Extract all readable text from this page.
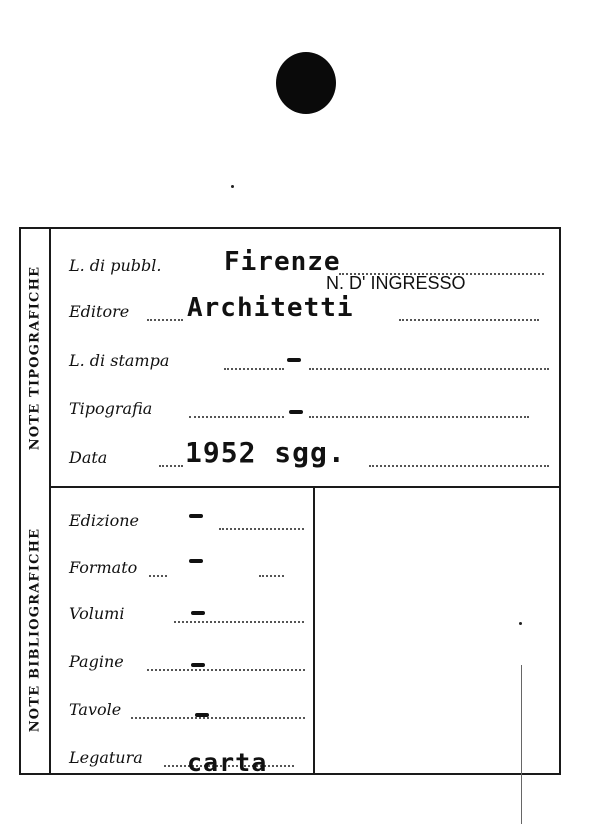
NOTE TIPOGRAFICHE
NOTE BIBLIOGRAFICHE
L. di pubbl. Firenze
Editore Architetti
L. di stampa
Tipografia
Data	1952 sgg.
Edizione
Formato
Volumi
Pagine
Tavole
Legatura carta
N. D' INGRESSO
